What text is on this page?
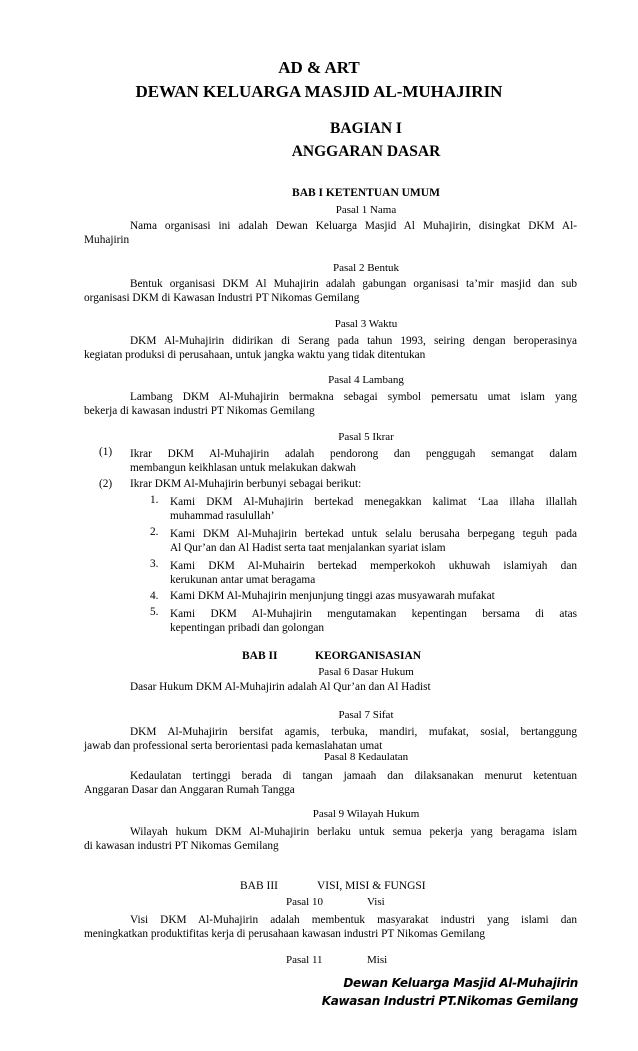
AD & ART
DEWAN KELUARGA MASJID AL-MUHAJIRIN
BAGIAN I
ANGGARAN DASAR
BAB I KETENTUAN UMUM
Pasal 1 Nama
Nama organisasi ini adalah Dewan Keluarga Masjid Al Muhajirin, disingkat DKM Al-
Muhajirin
Pasal 2 Bentuk
Bentuk organisasi DKM Al Muhajirin adalah gabungan organisasi ta’mir masjid dan sub
organisasi DKM di Kawasan Industri PT Nikomas Gemilang
Pasal 3 Waktu
DKM Al-Muhajirin didirikan di Serang pada tahun 1993, seiring dengan beroperasinya
kegiatan produksi di perusahaan, untuk jangka waktu yang tidak ditentukan
Pasal 4 Lambang
Lambang DKM Al-Muhajirin bermakna sebagai symbol pemersatu umat islam yang
bekerja di kawasan industri PT Nikomas Gemilang
Pasal 5 Ikrar
(1) Ikrar DKM Al-Muhajirin adalah pendorong dan penggugah semangat dalam
membangun keikhlasan untuk melakukan dakwah
(2) Ikrar DKM Al-Muhajirin berbunyi sebagai berikut:
1. Kami DKM Al-Muhajirin bertekad menegakkan kalimat ‘Laa illaha illallah
muhammad rasulullah’
2. Kami DKM Al-Muhajirin bertekad untuk selalu berusaha berpegang teguh pada
Al Qur’an dan Al Hadist serta taat menjalankan syariat islam
3. Kami DKM Al-Muhairin bertekad memperkokoh ukhuwah islamiyah dan
kerukunan antar umat beragama
4. Kami DKM Al-Muhajirin menjunjung tinggi azas musyawarah mufakat
5. Kami DKM Al-Muhajirin mengutamakan kepentingan bersama di atas
kepentingan pribadi dan golongan
BAB II	KEORGANISASIAN
Pasal 6 Dasar Hukum
Dasar Hukum DKM Al-Muhajirin adalah Al Qur’an dan Al Hadist
Pasal 7 Sifat
DKM Al-Muhajirin bersifat agamis, terbuka, mandiri, mufakat, sosial, bertanggung
jawab dan professional serta berorientasi pada kemaslahatan umat
Pasal 8 Kedaulatan
Kedaulatan tertinggi berada di tangan jamaah dan dilaksanakan menurut ketentuan
Anggaran Dasar dan Anggaran Rumah Tangga
Pasal 9 Wilayah Hukum
Wilayah hukum DKM Al-Muhajirin berlaku untuk semua pekerja yang beragama islam
di kawasan industri PT Nikomas Gemilang
BAB III	VISI, MISI & FUNGSI
Pasal 10	Visi
Visi DKM Al-Muhajirin adalah membentuk masyarakat industri yang islami dan
meningkatkan produktifitas kerja di perusahaan kawasan industri PT Nikomas Gemilang
Pasal 11	Misi
Dewan Keluarga Masjid Al-Muhajirin
Kawasan Industri PT.Nikomas Gemilang
